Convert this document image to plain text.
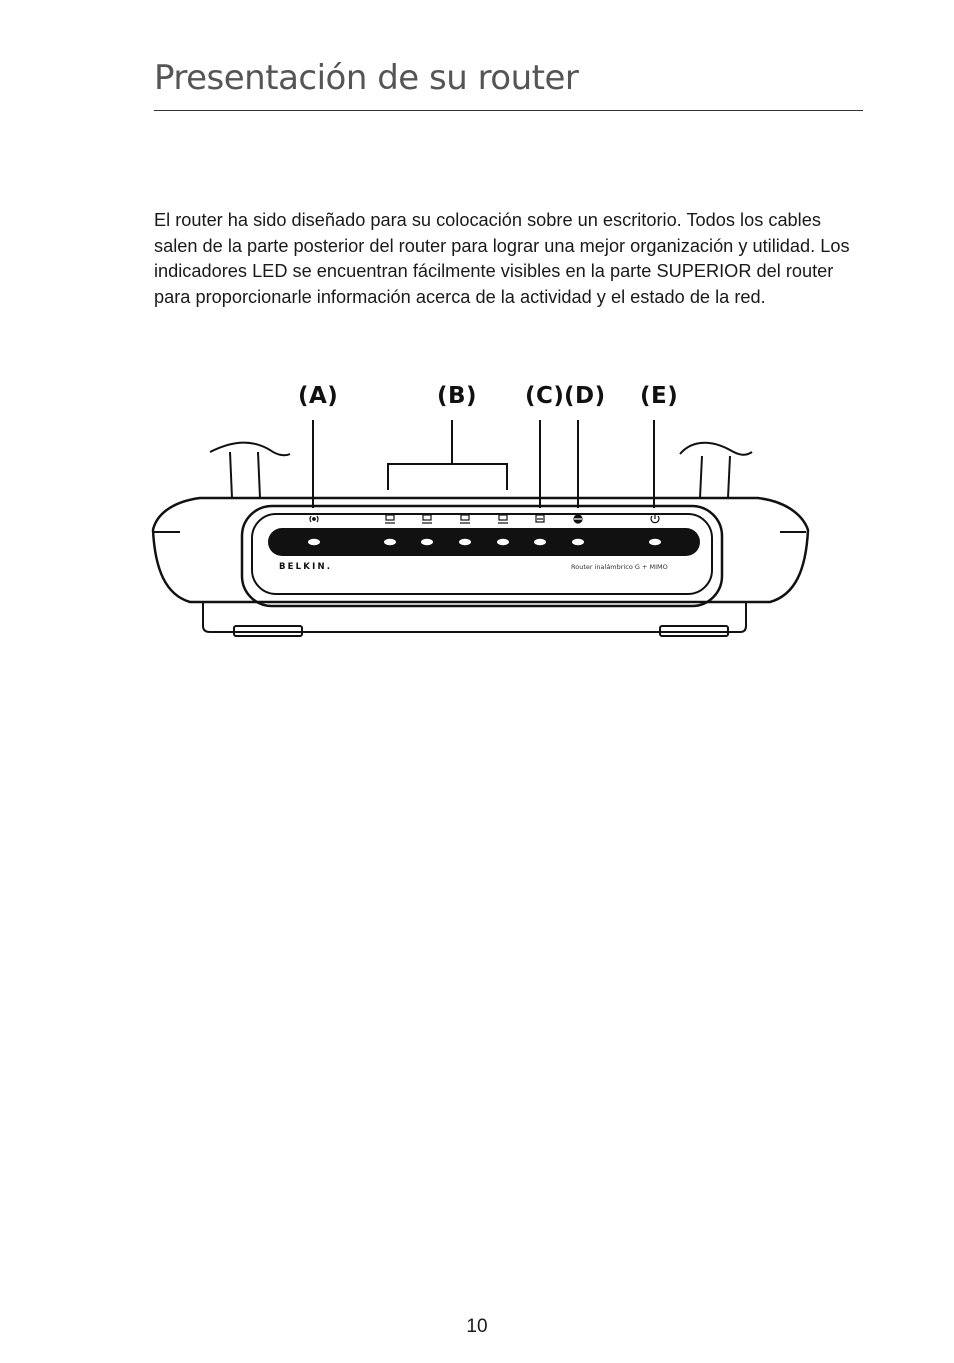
Presentación de su router

El router ha sido diseñado para su colocación sobre un escritorio. Todos los cables salen de la parte posterior del router para lograr una mejor organización y utilidad. Los indicadores LED se encuentran fácilmente visibles en la parte SUPERIOR del router para proporcionarle información acerca de la actividad y el estado de la red.

(A)	(B) (C) (D) (E)
BELKIN.	Router inalámbrico G + MIMO
10
